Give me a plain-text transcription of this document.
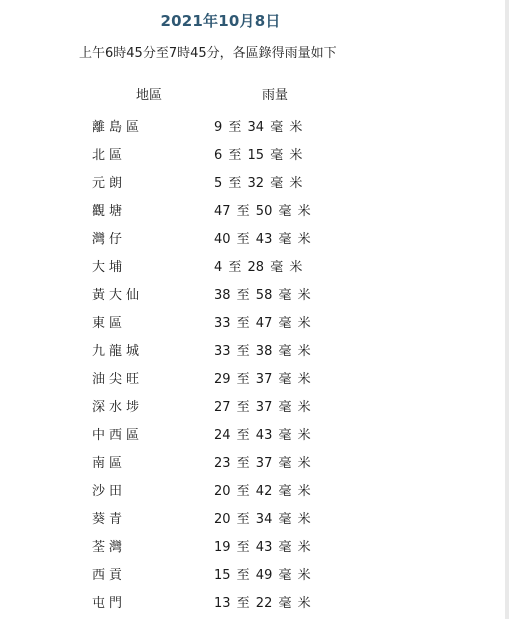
2021年10月8日
上午6時45分至7時45分，各區錄得雨量如下
地區	雨量
離島區	9 至 34 毫 米
北區	6 至 15 毫 米
元朗	5 至 32 毫 米
觀塘	47 至 50 毫 米
灣仔	40 至 43 毫 米
大埔	4 至 28 毫 米
黃大仙	38 至 58 毫 米
東區	33 至 47 毫 米
九龍城	33 至 38 毫 米
油尖旺	29 至 37 毫 米
深水埗	27 至 37 毫 米
中西區	24 至 43 毫 米
南區	23 至 37 毫 米
沙田	20 至 42 毫 米
葵青	20 至 34 毫 米
荃灣	19 至 43 毫 米
西貢	15 至 49 毫 米
屯門	13 至 22 毫 米
